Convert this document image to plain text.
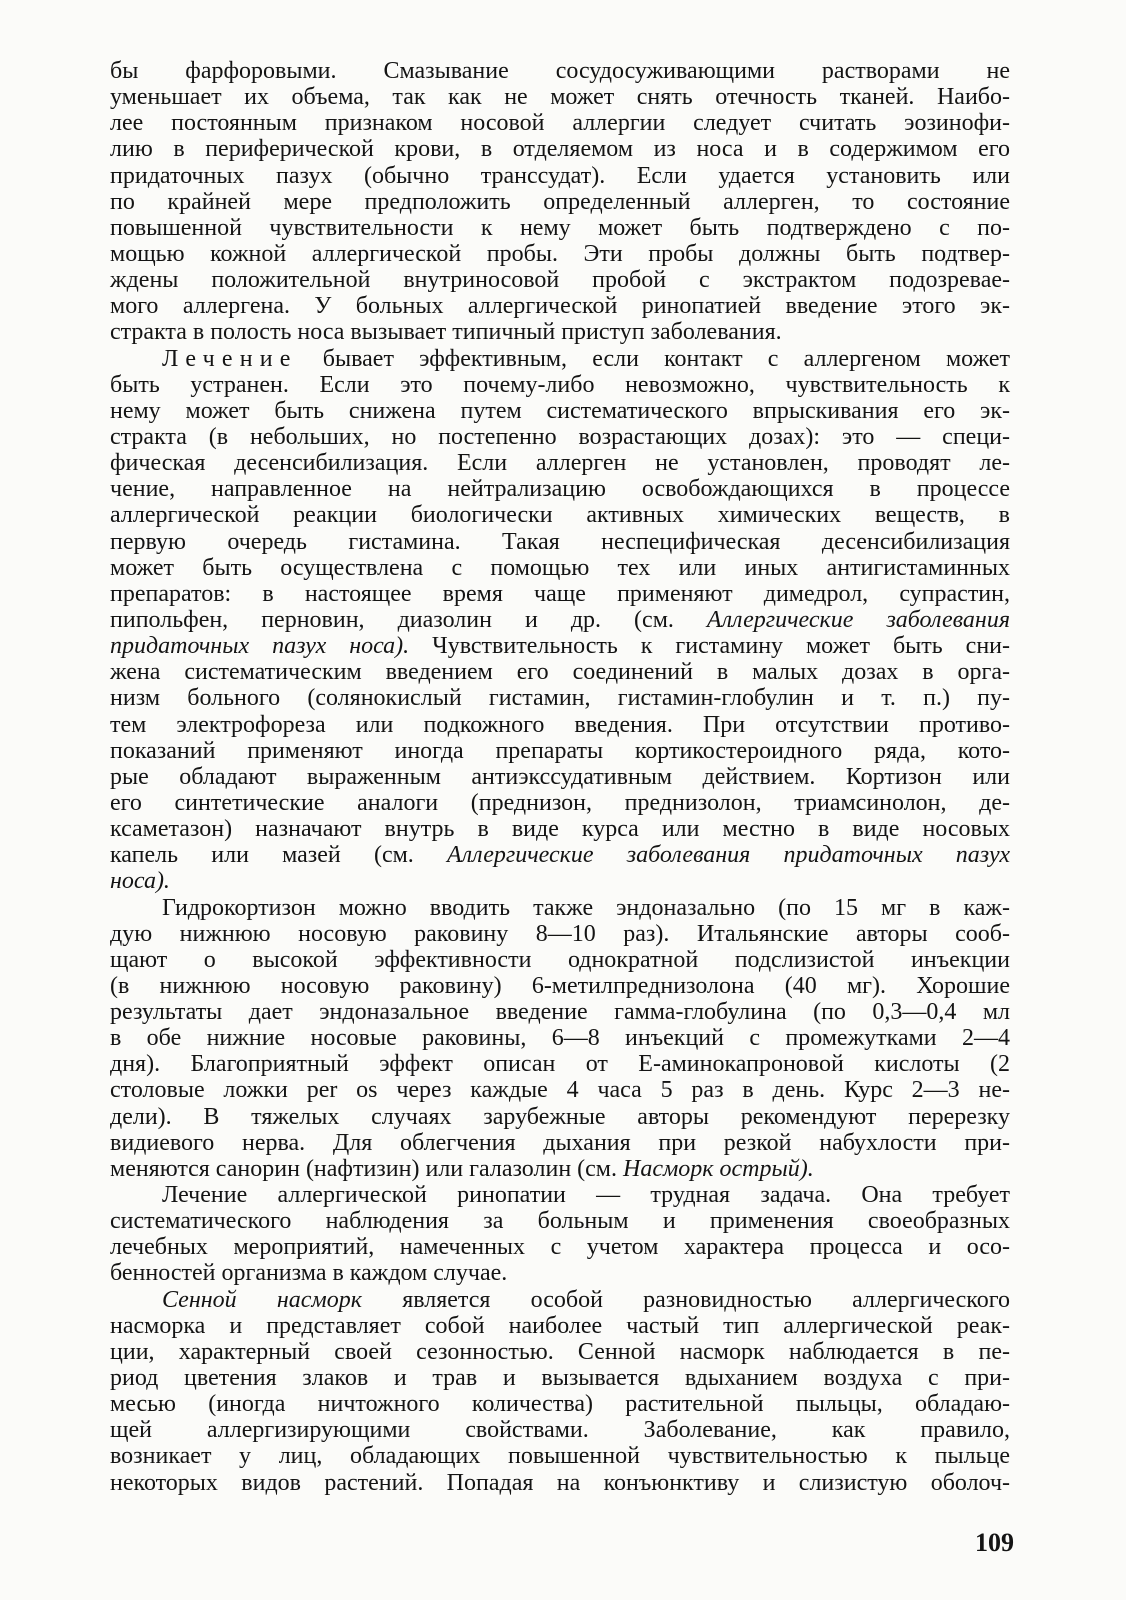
бы фарфоровыми. Смазывание сосудосуживающими растворами не
уменьшает их объема, так как не может снять отечность тканей. Наибо-
лее постоянным признаком носовой аллергии следует считать эозинофи-
лию в периферической крови, в отделяемом из носа и в содержимом его
придаточных пазух (обычно транссудат). Если удается установить или
по крайней мере предположить определенный аллерген, то состояние
повышенной чувствительности к нему может быть подтверждено с по-
мощью кожной аллергической пробы. Эти пробы должны быть подтвер-
ждены положительной внутриносовой пробой с экстрактом подозревае-
мого аллергена. У больных аллергической ринопатией введение этого эк-
стракта в полость носа вызывает типичный приступ заболевания.
Лечение бывает эффективным, если контакт с аллергеном может
быть устранен. Если это почему-либо невозможно, чувствительность к
нему может быть снижена путем систематического впрыскивания его эк-
стракта (в небольших, но постепенно возрастающих дозах): это — специ-
фическая десенсибилизация. Если аллерген не установлен, проводят ле-
чение, направленное на нейтрализацию освобождающихся в процессе
аллергической реакции биологически активных химических веществ, в
первую очередь гистамина. Такая неспецифическая десенсибилизация
может быть осуществлена с помощью тех или иных антигистаминных
препаратов: в настоящее время чаще применяют димедрол, супрастин,
пипольфен, перновин, диазолин и др. (см. Аллергические заболевания
придаточных пазух носа). Чувствительность к гистамину может быть сни-
жена систематическим введением его соединений в малых дозах в орга-
низм больного (солянокислый гистамин, гистамин-глобулин и т. п.) пу-
тем электрофореза или подкожного введения. При отсутствии противо-
показаний применяют иногда препараты кортикостероидного ряда, кото-
рые обладают выраженным антиэкссудативным действием. Кортизон или
его синтетические аналоги (преднизон, преднизолон, триамсинолон, де-
ксаметазон) назначают внутрь в виде курса или местно в виде носовых
капель или мазей (см. Аллергические заболевания придаточных пазух
носа).
Гидрокортизон можно вводить также эндоназально (по 15 мг в каж-
дую нижнюю носовую раковину 8—10 раз). Итальянские авторы сооб-
щают о высокой эффективности однократной подслизистой инъекции
(в нижнюю носовую раковину) 6-метилпреднизолона (40 мг). Хорошие
результаты дает эндоназальное введение гамма-глобулина (по 0,3—0,4 мл
в обе нижние носовые раковины, 6—8 инъекций с промежутками 2—4
дня). Благоприятный эффект описан от Е-аминокапроновой кислоты (2
столовые ложки per os через каждые 4 часа 5 раз в день. Курс 2—3 не-
дели). В тяжелых случаях зарубежные авторы рекомендуют перерезку
видиевого нерва. Для облегчения дыхания при резкой набухлости при-
меняются санорин (нафтизин) или галазолин (см. Насморк острый).
Лечение аллергической ринопатии — трудная задача. Она требует
систематического наблюдения за больным и применения своеобразных
лечебных мероприятий, намеченных с учетом характера процесса и осо-
бенностей организма в каждом случае.
Сенной насморк является особой разновидностью аллергического
насморка и представляет собой наиболее частый тип аллергической реак-
ции, характерный своей сезонностью. Сенной насморк наблюдается в пе-
риод цветения злаков и трав и вызывается вдыханием воздуха с при-
месью (иногда ничтожного количества) растительной пыльцы, обладаю-
щей аллергизирующими свойствами. Заболевание, как правило,
возникает у лиц, обладающих повышенной чувствительностью к пыльце
некоторых видов растений. Попадая на конъюнктиву и слизистую оболоч-
109
